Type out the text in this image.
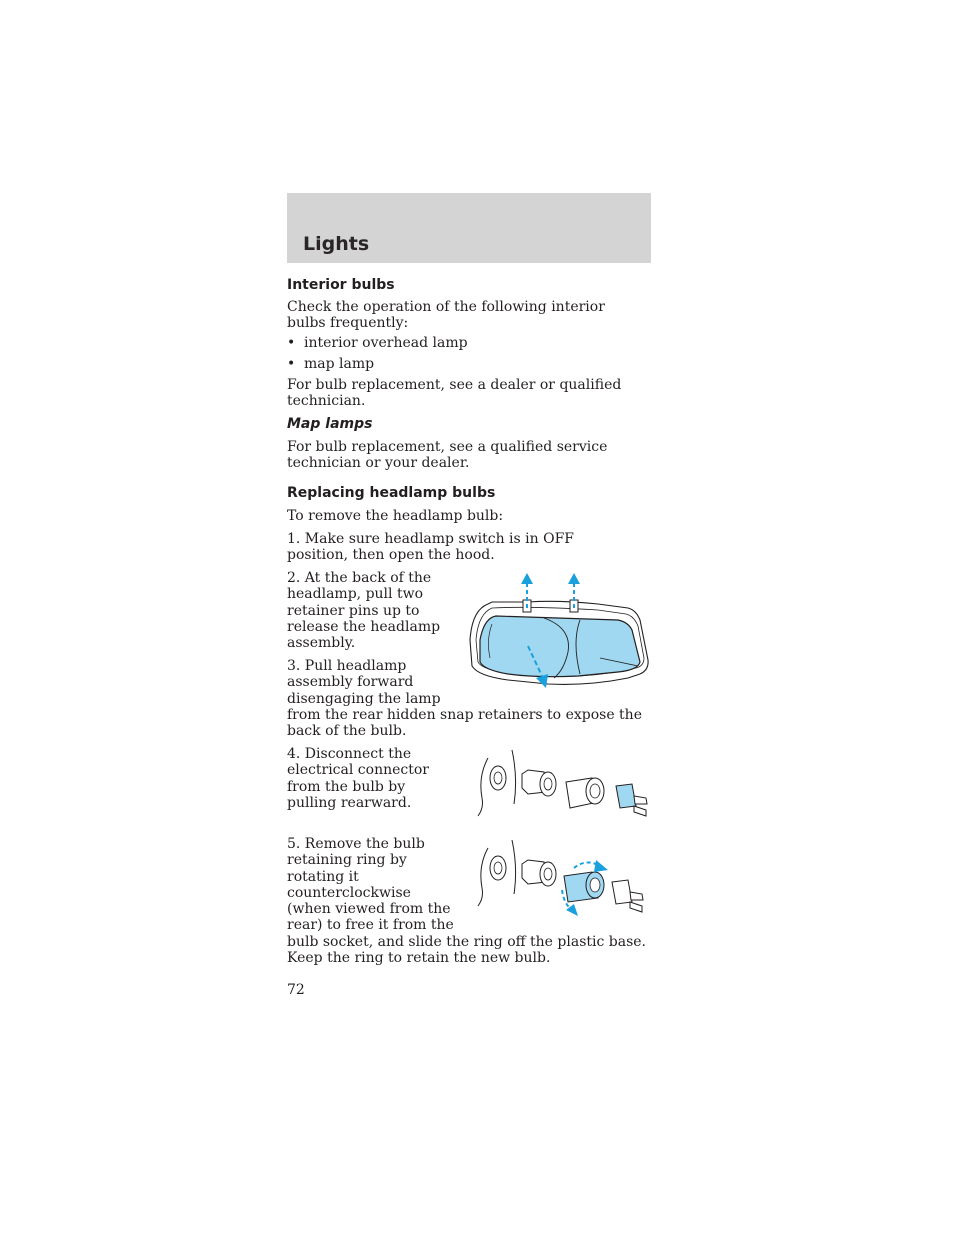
Lights
Interior bulbs

Check the operation of the following interior bulbs frequently:

• interior overhead lamp
• map lamp

For bulb replacement, see a dealer or qualified technician.

Map lamps

For bulb replacement, see a qualified service technician or your dealer.

Replacing headlamp bulbs

To remove the headlamp bulb:

1. Make sure headlamp switch is in OFF position, then open the hood.

2. At the back of the headlamp, pull two retainer pins up to release the headlamp assembly.

3. Pull headlamp assembly forward disengaging the lamp

from the rear hidden snap retainers to expose the back of the bulb.

4. Disconnect the electrical connector from the bulb by pulling rearward.

5. Remove the bulb retaining ring by rotating it counterclockwise (when viewed from the rear) to free it from the

bulb socket, and slide the ring off the plastic base. Keep the ring to retain the new bulb.

72
